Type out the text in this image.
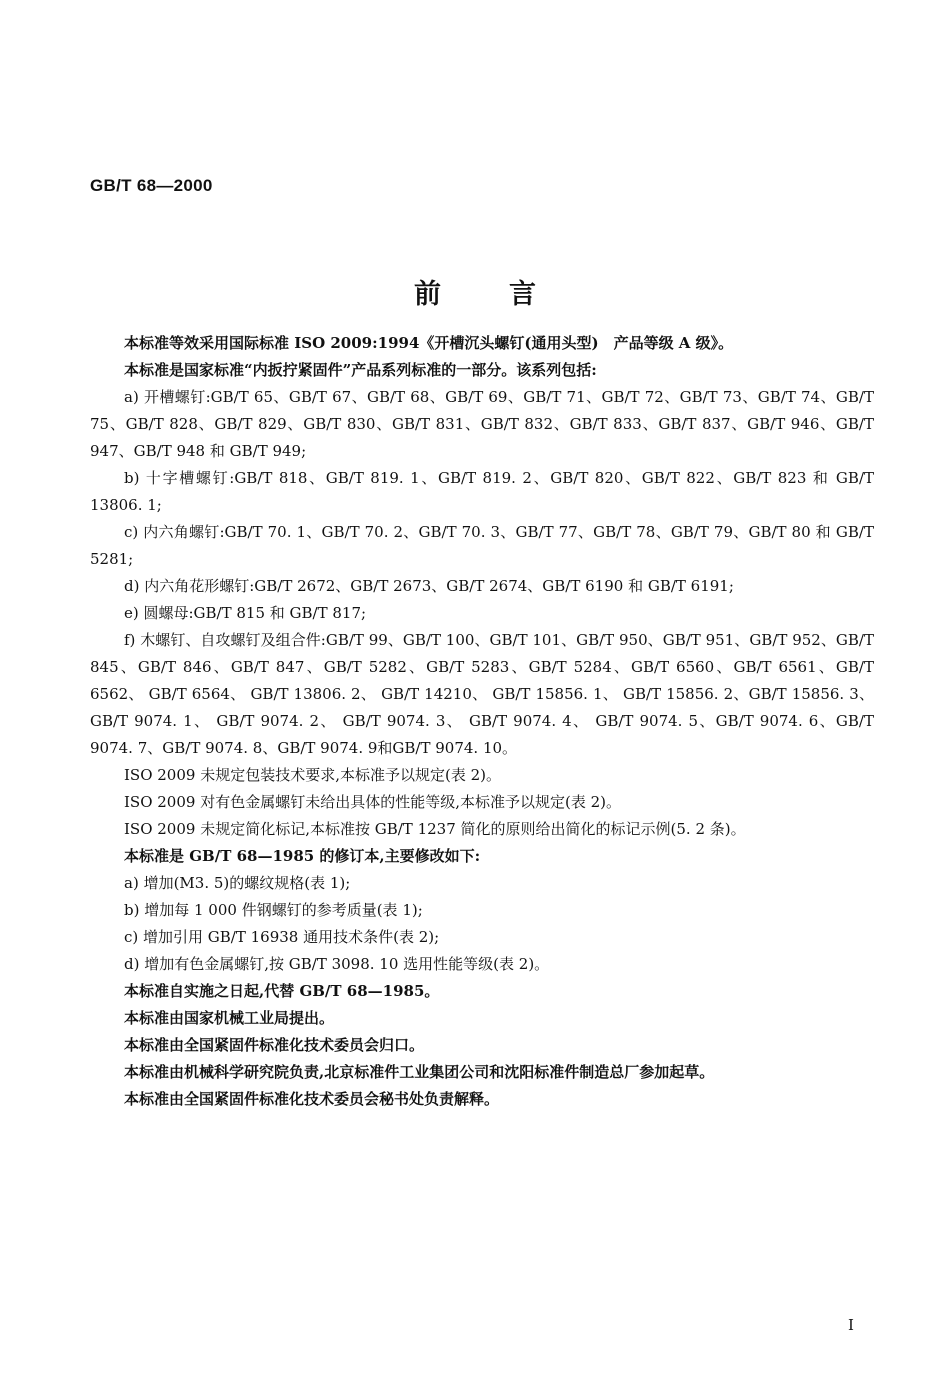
GB/T 68—2000
前言

本标准等效采用国际标准 ISO 2009:1994《开槽沉头螺钉(通用头型)　产品等级 A 级》。

本标准是国家标准“内扳拧紧固件”产品系列标准的一部分。该系列包括:

a) 开槽螺钉:GB/T 65、GB/T 67、GB/T 68、GB/T 69、GB/T 71、GB/T 72、GB/T 73、GB/T 74、GB/T 75、GB/T 828、GB/T 829、GB/T 830、GB/T 831、GB/T 832、GB/T 833、GB/T 837、GB/T 946、GB/T 947、GB/T 948 和 GB/T 949;

b) 十字槽螺钉:GB/T 818、GB/T 819. 1、GB/T 819. 2、GB/T 820、GB/T 822、GB/T 823 和 GB/T 13806. 1;

c) 内六角螺钉:GB/T 70. 1、GB/T 70. 2、GB/T 70. 3、GB/T 77、GB/T 78、GB/T 79、GB/T 80 和 GB/T 5281;

d) 内六角花形螺钉:GB/T 2672、GB/T 2673、GB/T 2674、GB/T 6190 和 GB/T 6191;

e) 圆螺母:GB/T 815 和 GB/T 817;

f) 木螺钉、自攻螺钉及组合件:GB/T 99、GB/T 100、GB/T 101、GB/T 950、GB/T 951、GB/T 952、GB/T 845、GB/T 846、GB/T 847、GB/T 5282、GB/T 5283、GB/T 5284、GB/T 6560、GB/T 6561、GB/T 6562、 GB/T 6564、 GB/T 13806. 2、 GB/T 14210、 GB/T 15856. 1、 GB/T 15856. 2、GB/T 15856. 3、 GB/T 9074. 1、 GB/T 9074. 2、 GB/T 9074. 3、 GB/T 9074. 4、 GB/T 9074. 5、GB/T 9074. 6、GB/T 9074. 7、GB/T 9074. 8、GB/T 9074. 9和GB/T 9074. 10。

ISO 2009 未规定包装技术要求,本标准予以规定(表 2)。

ISO 2009 对有色金属螺钉未给出具体的性能等级,本标准予以规定(表 2)。

ISO 2009 未规定简化标记,本标准按 GB/T 1237 简化的原则给出简化的标记示例(5. 2 条)。

本标准是 GB/T 68—1985 的修订本,主要修改如下:

a) 增加(M3. 5)的螺纹规格(表 1);

b) 增加每 1 000 件钢螺钉的参考质量(表 1);

c) 增加引用 GB/T 16938 通用技术条件(表 2);

d) 增加有色金属螺钉,按 GB/T 3098. 10 选用性能等级(表 2)。

本标准自实施之日起,代替 GB/T 68—1985。

本标准由国家机械工业局提出。

本标准由全国紧固件标准化技术委员会归口。

本标准由机械科学研究院负责,北京标准件工业集团公司和沈阳标准件制造总厂参加起草。

本标准由全国紧固件标准化技术委员会秘书处负责解释。

I
